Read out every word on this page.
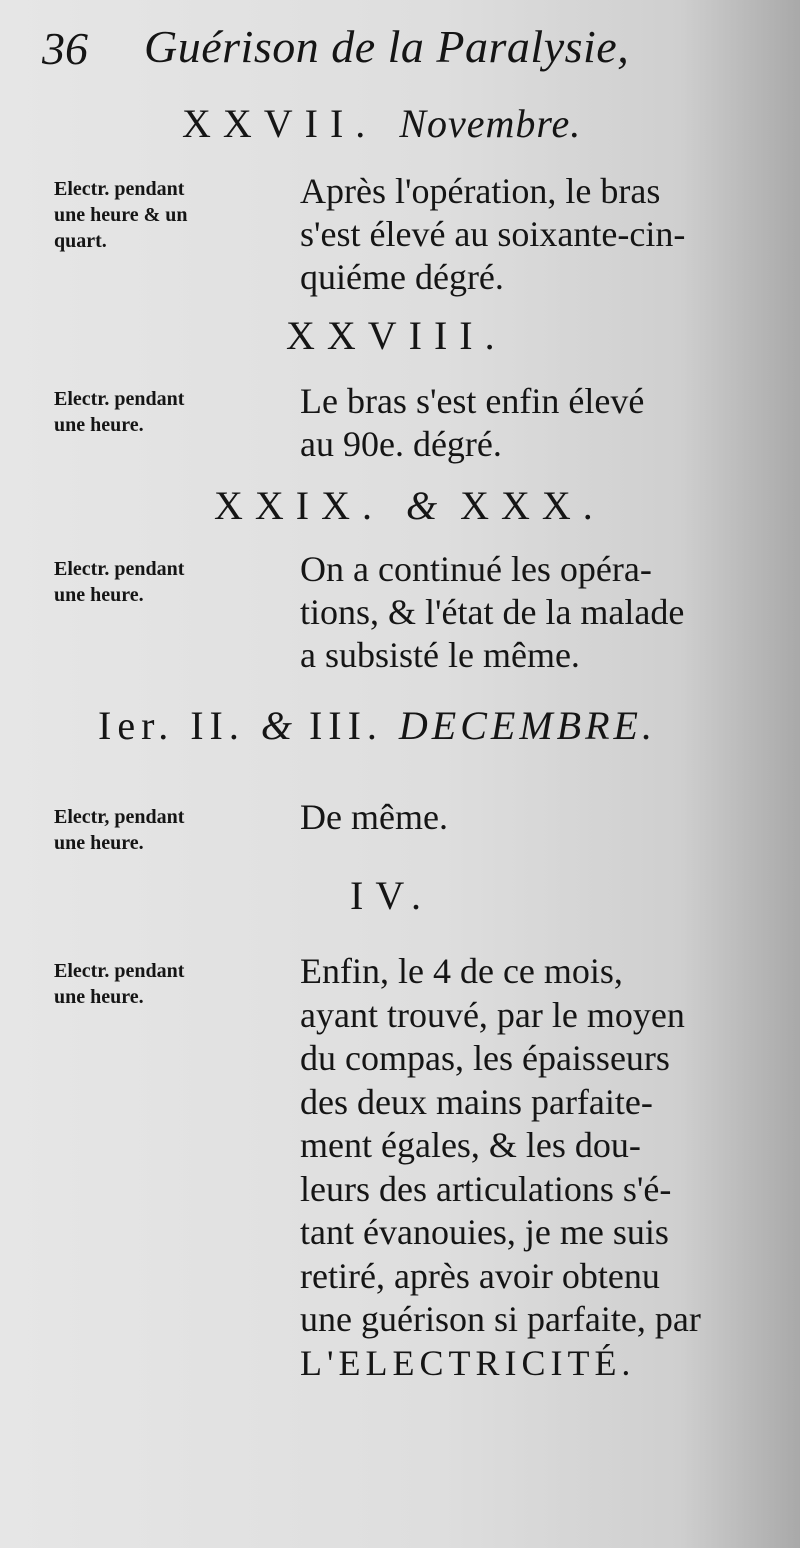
36 Guérison de la Paralysie,
XXVII. Novembre.
Electr. pendant
une heure & un
quart.
Après l'opération, le bras
s'est élevé au soixante-cin-
quiéme dégré.
XXVIII.
Electr. pendant
une heure.
Le bras s'est enfin élevé
au 90e. dégré.
XXIX. & XXX.
Electr. pendant
une heure.
On a continué les opéra-
tions, & l'état de la malade
a subsisté le même.
Ier. II. & III. DECEMBRE.
Electr, pendant
une heure.
De même.
IV.
Electr. pendant
une heure.
Enfin, le 4 de ce mois,
ayant trouvé, par le moyen
du compas, les épaisseurs
des deux mains parfaite-
ment égales, & les dou-
leurs des articulations s'é-
tant évanouies, je me suis
retiré, après avoir obtenu
une guérison si parfaite, par
L'ELECTRICITÉ.
